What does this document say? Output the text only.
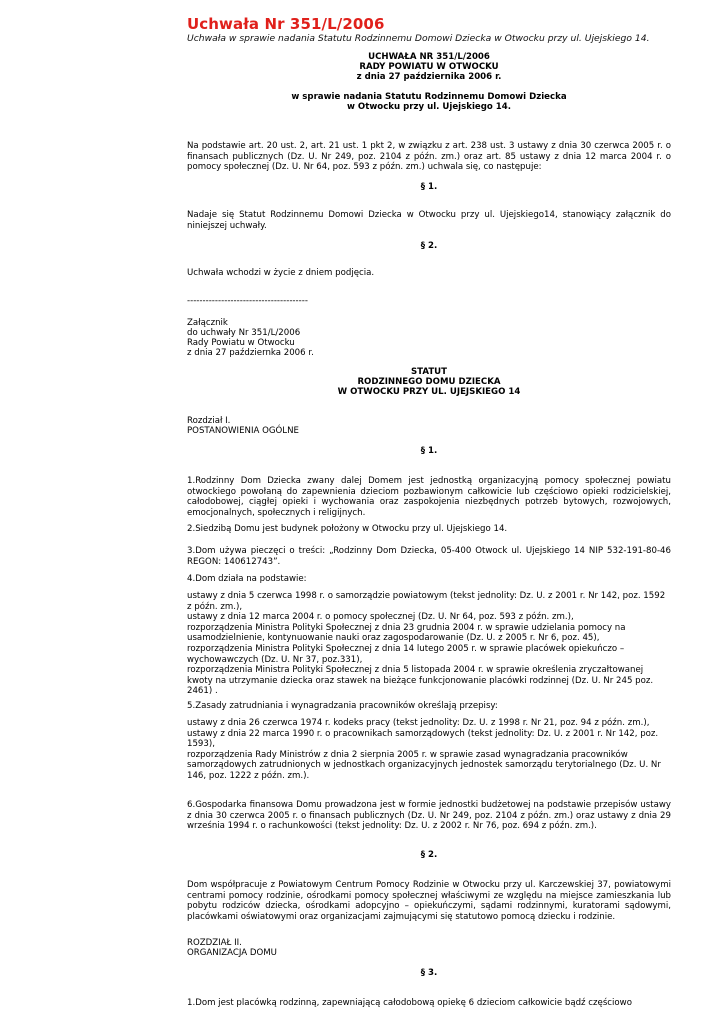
Uchwała Nr 351/L/2006
Uchwała w sprawie nadania Statutu Rodzinnemu Domowi Dziecka w Otwocku przy ul. Ujejskiego 14.
UCHWAŁA NR 351/L/2006
RADY POWIATU W OTWOCKU
z dnia 27 października 2006 r.
w sprawie nadania Statutu Rodzinnemu Domowi Dziecka
w Otwocku przy ul. Ujejskiego 14.
Na podstawie art. 20 ust. 2, art. 21 ust. 1 pkt 2, w związku z art. 238 ust. 3 ustawy z dnia 30 czerwca 2005 r. o finansach publicznych (Dz. U. Nr 249, poz. 2104 z późn. zm.) oraz art. 85 ustawy z dnia 12 marca 2004 r. o pomocy społecznej (Dz. U. Nr 64, poz. 593 z późn. zm.) uchwala się, co następuje:
§ 1.
Nadaje się Statut Rodzinnemu Domowi Dziecka w Otwocku przy ul. Ujejskiego14, stanowiący załącznik do niniejszej uchwały.
§ 2.
Uchwała wchodzi w życie z dniem podjęcia.
---------------------------------------
Załącznik
do uchwały Nr 351/L/2006
Rady Powiatu w Otwocku
z dnia 27 październka 2006 r.
STATUT
RODZINNEGO DOMU DZIECKA
W OTWOCKU PRZY UL. UJEJSKIEGO 14
Rozdział I.
POSTANOWIENIA OGÓLNE
§ 1.
1.Rodzinny Dom Dziecka zwany dalej Domem jest jednostką organizacyjną pomocy społecznej powiatu otwockiego powołaną do zapewnienia dzieciom pozbawionym całkowicie lub częściowo opieki rodzicielskiej, całodobowej, ciągłej opieki i wychowania oraz zaspokojenia niezbędnych potrzeb bytowych, rozwojowych, emocjonalnych, społecznych i religijnych.
2.Siedzibą Domu jest budynek położony w Otwocku przy ul. Ujejskiego 14.
3.Dom używa pieczęci o treści: „Rodzinny Dom Dziecka, 05-400 Otwock ul. Ujejskiego 14 NIP 532-191-80-46 REGON: 140612743”.
4.Dom działa na podstawie:
ustawy z dnia 5 czerwca 1998 r. o samorządzie powiatowym (tekst jednolity: Dz. U. z 2001 r. Nr 142, poz. 1592 z późn. zm.),
ustawy z dnia 12 marca 2004 r. o pomocy społecznej (Dz. U. Nr 64, poz. 593 z późn. zm.),
rozporządzenia Ministra Polityki Społecznej z dnia 23 grudnia 2004 r. w sprawie udzielania pomocy na usamodzielnienie, kontynuowanie nauki oraz zagospodarowanie (Dz. U. z 2005 r. Nr 6, poz. 45),
rozporządzenia Ministra Polityki Społecznej z dnia 14 lutego 2005 r. w sprawie placówek opiekuńczo – wychowawczych (Dz. U. Nr 37, poz.331),
rozporządzenia Ministra Polityki Społecznej z dnia 5 listopada 2004 r. w sprawie określenia zryczałtowanej kwoty na utrzymanie dziecka oraz stawek na bieżące funkcjonowanie placówki rodzinnej (Dz. U. Nr 245 poz. 2461) .
5.Zasady zatrudniania i wynagradzania pracowników określają przepisy:
ustawy z dnia 26 czerwca 1974 r. kodeks pracy (tekst jednolity: Dz. U. z 1998 r. Nr 21, poz. 94 z późn. zm.),
ustawy z dnia 22 marca 1990 r. o pracownikach samorządowych (tekst jednolity: Dz. U. z 2001 r. Nr 142, poz. 1593),
rozporządzenia Rady Ministrów z dnia 2 sierpnia 2005 r. w sprawie zasad wynagradzania pracowników samorządowych zatrudnionych w jednostkach organizacyjnych jednostek samorządu terytorialnego (Dz. U. Nr 146, poz. 1222 z późn. zm.).
6.Gospodarka finansowa Domu prowadzona jest w formie jednostki budżetowej na podstawie przepisów ustawy z dnia 30 czerwca 2005 r. o finansach publicznych (Dz. U. Nr 249, poz. 2104 z późn. zm.) oraz ustawy z dnia 29 września 1994 r. o rachunkowości (tekst jednolity: Dz. U. z 2002 r. Nr 76, poz. 694 z późn. zm.).
§ 2.
Dom współpracuje z Powiatowym Centrum Pomocy Rodzinie w Otwocku przy ul. Karczewskiej 37, powiatowymi centrami pomocy rodzinie, ośrodkami pomocy społecznej właściwymi ze względu na miejsce zamieszkania lub pobytu rodziców dziecka, ośrodkami adopcyjno – opiekuńczymi, sądami rodzinnymi, kuratorami sądowymi, placówkami oświatowymi oraz organizacjami zajmującymi się statutowo pomocą dziecku i rodzinie.
ROZDZIAŁ II.
ORGANIZACJA DOMU
§ 3.
1.Dom jest placówką rodzinną, zapewniającą całodobową opiekę 6 dzieciom całkowicie bądź częściowo
